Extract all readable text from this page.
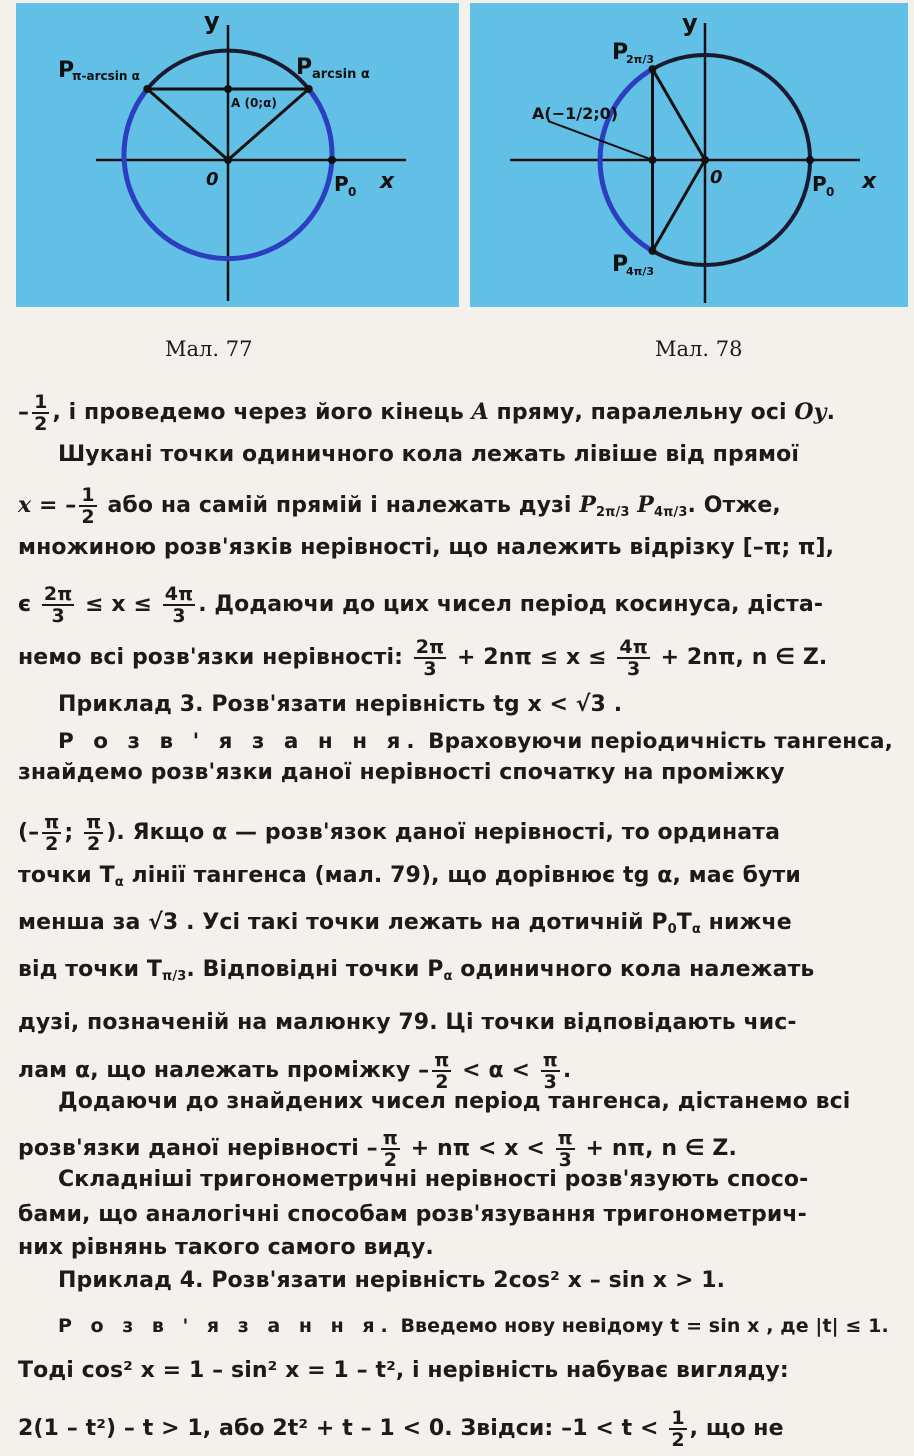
y
x
0	P 0
P
π-arcsin α	P arcsin α
A (0;α)
y
x
0	P 0
P
2π/3
P
4π/3
A(−1/2;0)
Мал. 77	Мал. 78
– $\frac{1}{2}$ , і проведемо через його кінець A пряму, паралельну осі Oy.
Шукані точки одиничного кола лежать лівіше від прямої
x = – $\frac{1}{2}$ або на самій прямій і належать дузі $P_{2\pi/3}$ $P_{4\pi/3}$. Отже,
множиною розв'язків нерівності, що належить відрізку [–π; π],
є $\frac{2\pi}{3} \le x \le \frac{4\pi}{3}$ . Додаючи до цих чисел період косинуса, діста-
немо всі розв'язки нерівності: $\frac{2\pi}{3} + 2n\pi \le x \le \frac{4\pi}{3} + 2n\pi$, n ∈ Z.
Приклад 3. Розв'язати нерівність tg x < √3 .
Р о з в ' я з а н н я. Враховуючи періодичність тангенса,
знайдемо розв'язки даної нерівності спочатку на проміжку
(– $\frac{\pi}{2}$ ; $\frac{\pi}{2}$ ). Якщо α — розв'язок даної нерівності, то ордината
точки $T_\alpha$ лінії тангенса (мал. 79), що дорівнює tg α, має бути
менша за √3 . Усі такі точки лежать на дотичній $P_0T_\alpha$ нижче
від точки $T_{\pi/3}$. Відповідні точки $P_\alpha$ одиничного кола належать
дузі, позначеній на малюнку 79. Ці точки відповідають чис-
лам α, що належать проміжку – $\frac{\pi}{2} < \alpha < \frac{\pi}{3}$ .
Додаючи до знайдених чисел період тангенса, дістанемо всі
розв'язки даної нерівності – $\frac{\pi}{2} + n\pi < x < \frac{\pi}{3} + n\pi$, n ∈ Z.
Складніші тригонометричні нерівності розв'язують спосо-
бами, що аналогічні способам розв'язування тригонометрич-
них рівнянь такого самого виду.
Приклад 4. Розв'язати нерівність 2cos² x – sin x > 1.
Р о з в ' я з а н н я. Введемо нову невідому t = sin x , де |t| ≤ 1.
Тоді cos² x = 1 – sin² x = 1 – t², і нерівність набуває вигляду:
2(1 – t²) – t > 1, або 2t² + t – 1 < 0. Звідси: $-1 < t < \frac{1}{2}$ , що не
